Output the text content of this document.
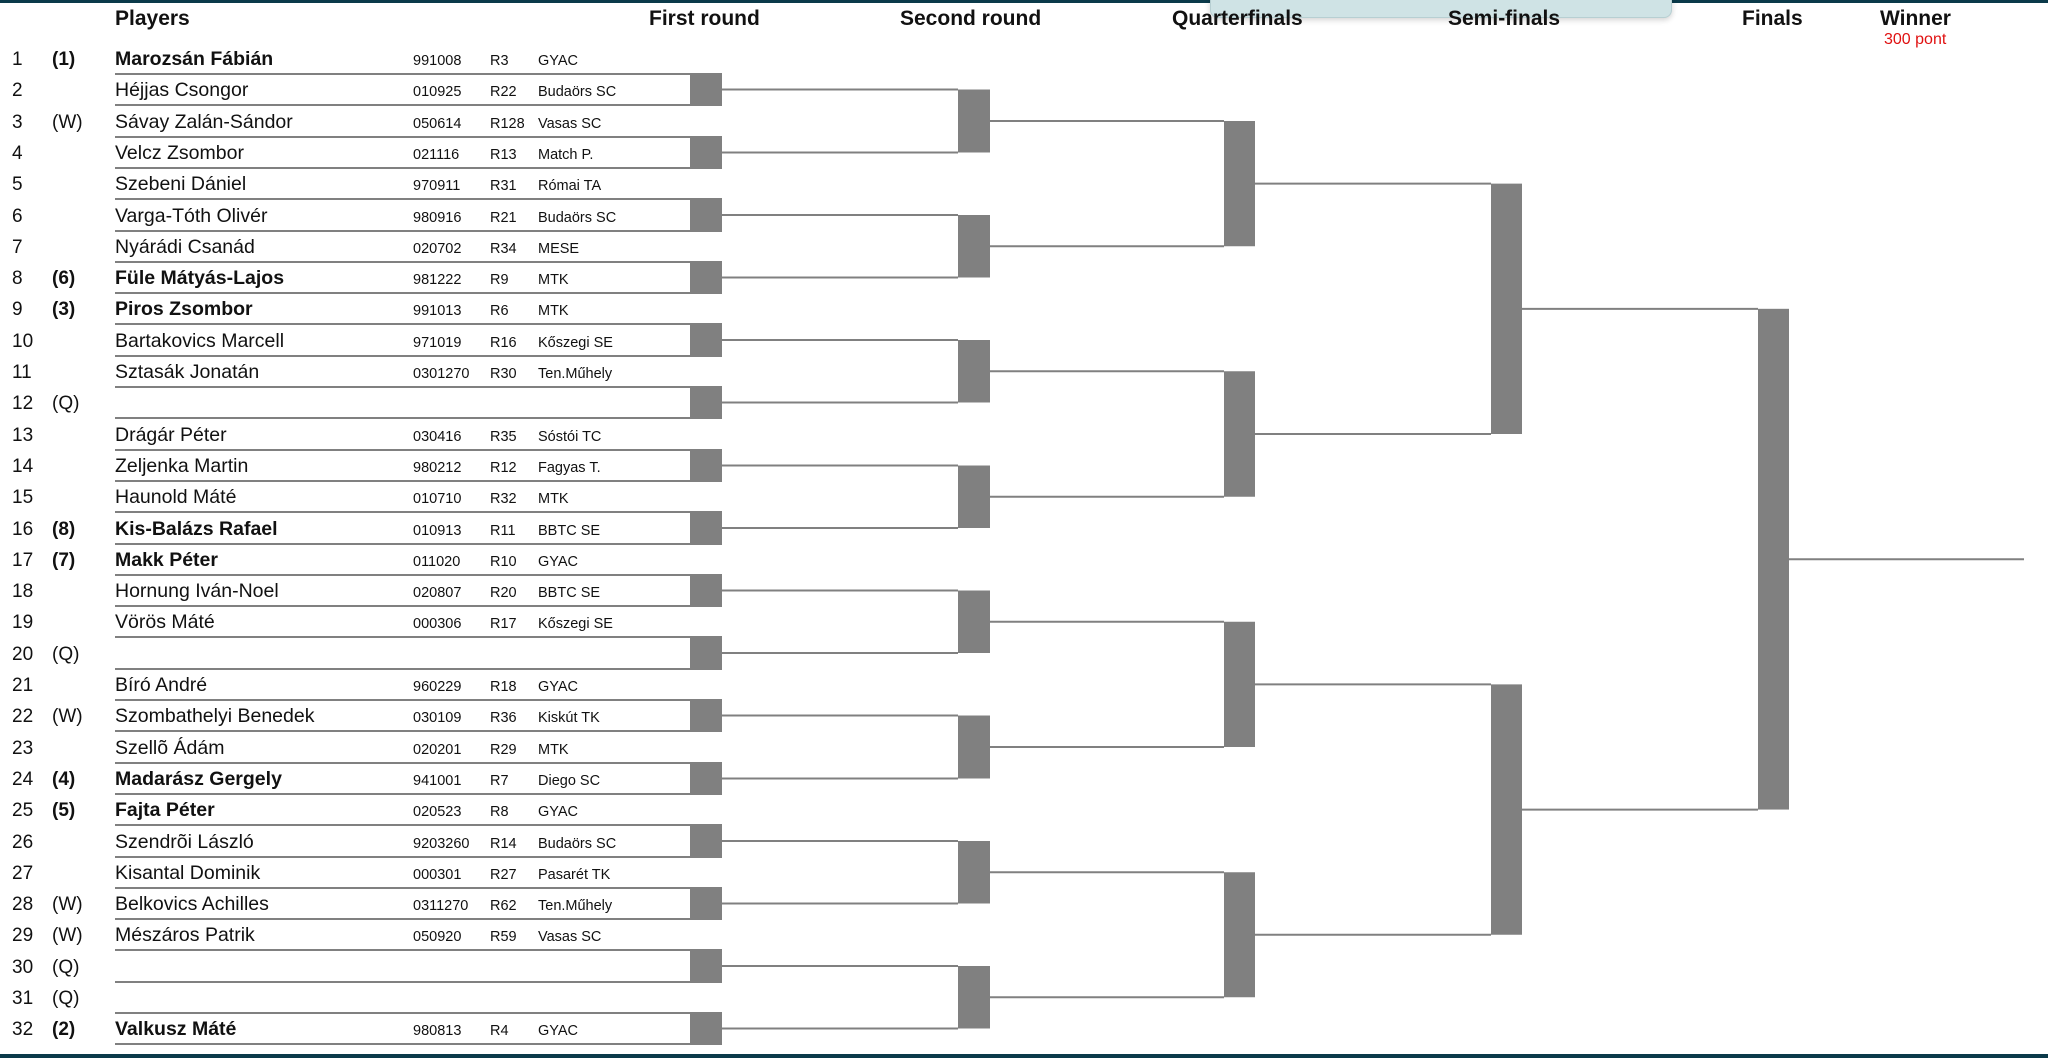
Players	First round	Second round	Quarterfinals	Semi-finals	Finals	Winner
300 pont
1 (1) Marozsán Fábián	991008 R3 GYAC
2	Héjjas Csongor	010925 R22 Budaörs SC
3 (W) Sávay Zalán-Sándor	050614 R128 Vasas SC
4	Velcz Zsombor	021116 R13 Match P.
5	Szebeni Dániel	970911 R31 Római TA
6	Varga-Tóth Olivér	980916 R21 Budaörs SC
7	Nyárádi Csanád	020702 R34 MESE
8 (6) Füle Mátyás-Lajos	981222 R9 MTK
9 (3) Piros Zsombor	991013 R6 MTK
10	Bartakovics Marcell	971019 R16 Kőszegi SE
11	Sztasák Jonatán	0301270 R30 Ten.Műhely
12 (Q)
13	Drágár Péter	030416 R35 Sóstói TC
14	Zeljenka Martin	980212 R12 Fagyas T.
15	Haunold Máté	010710 R32 MTK
16 (8) Kis-Balázs Rafael	010913 R11 BBTC SE
17 (7) Makk Péter	011020 R10 GYAC
18	Hornung Iván-Noel	020807 R20 BBTC SE
19	Vörös Máté	000306 R17 Kőszegi SE
20 (Q)
21	Bíró André	960229 R18 GYAC
22 (W) Szombathelyi Benedek	030109 R36 Kiskút TK
23	Szellõ Ádám	020201 R29 MTK
24 (4) Madarász Gergely	941001 R7 Diego SC
25 (5) Fajta Péter	020523 R8 GYAC
26	Szendrõi László	9203260 R14 Budaörs SC
27	Kisantal Dominik	000301 R27 Pasarét TK
28 (W) Belkovics Achilles	0311270 R62 Ten.Műhely
29 (W) Mészáros Patrik	050920 R59 Vasas SC
30 (Q)
31 (Q)
32 (2) Valkusz Máté	980813 R4 GYAC
